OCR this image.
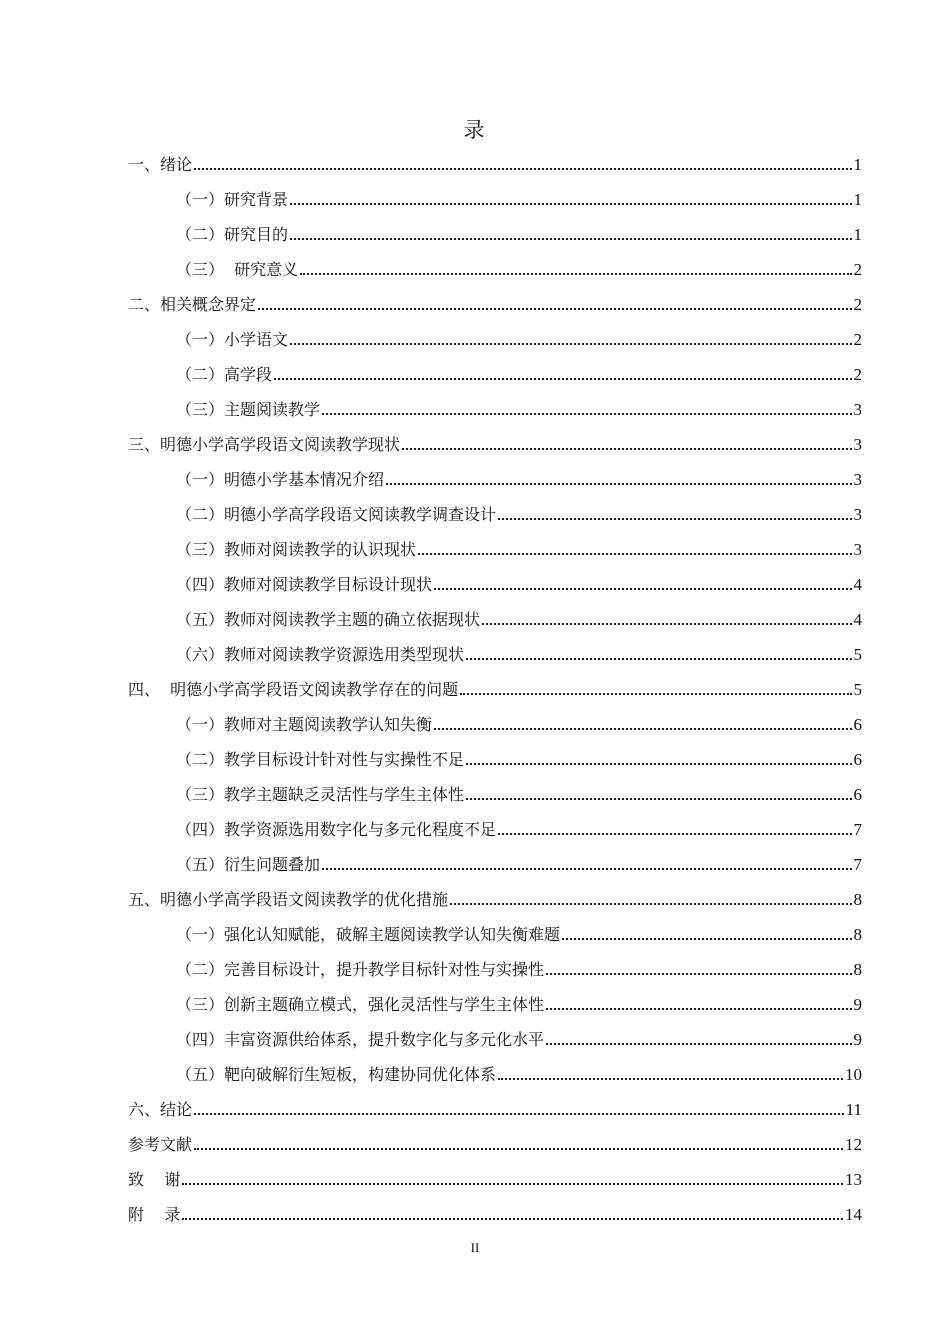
录
一、绪论	1
（一）研究背景	1
（二）研究目的	1
（三）  研究意义	2
二、相关概念界定	2
（一）小学语文	2
（二）高学段	2
（三）主题阅读教学	3
三、明德小学高学段语文阅读教学现状	3
（一）明德小学基本情况介绍	3
（二）明德小学高学段语文阅读教学调查设计	3
（三）教师对阅读教学的认识现状	3
（四）教师对阅读教学目标设计现状	4
（五）教师对阅读教学主题的确立依据现状	4
（六）教师对阅读教学资源选用类型现状	5
四、  明德小学高学段语文阅读教学存在的问题	5
（一）教师对主题阅读教学认知失衡	6
（二）教学目标设计针对性与实操性不足	6
（三）教学主题缺乏灵活性与学生主体性	6
（四）教学资源选用数字化与多元化程度不足	7
（五）衍生问题叠加	7
五、明德小学高学段语文阅读教学的优化措施	8
（一）强化认知赋能，破解主题阅读教学认知失衡难题	8
（二）完善目标设计，提升教学目标针对性与实操性	8
（三）创新主题确立模式，强化灵活性与学生主体性	9
（四）丰富资源供给体系，提升数字化与多元化水平	9
（五）靶向破解衍生短板，构建协同优化体系	10
六、结论	11
参考文献	12
致    谢	13
附    录	14
II
